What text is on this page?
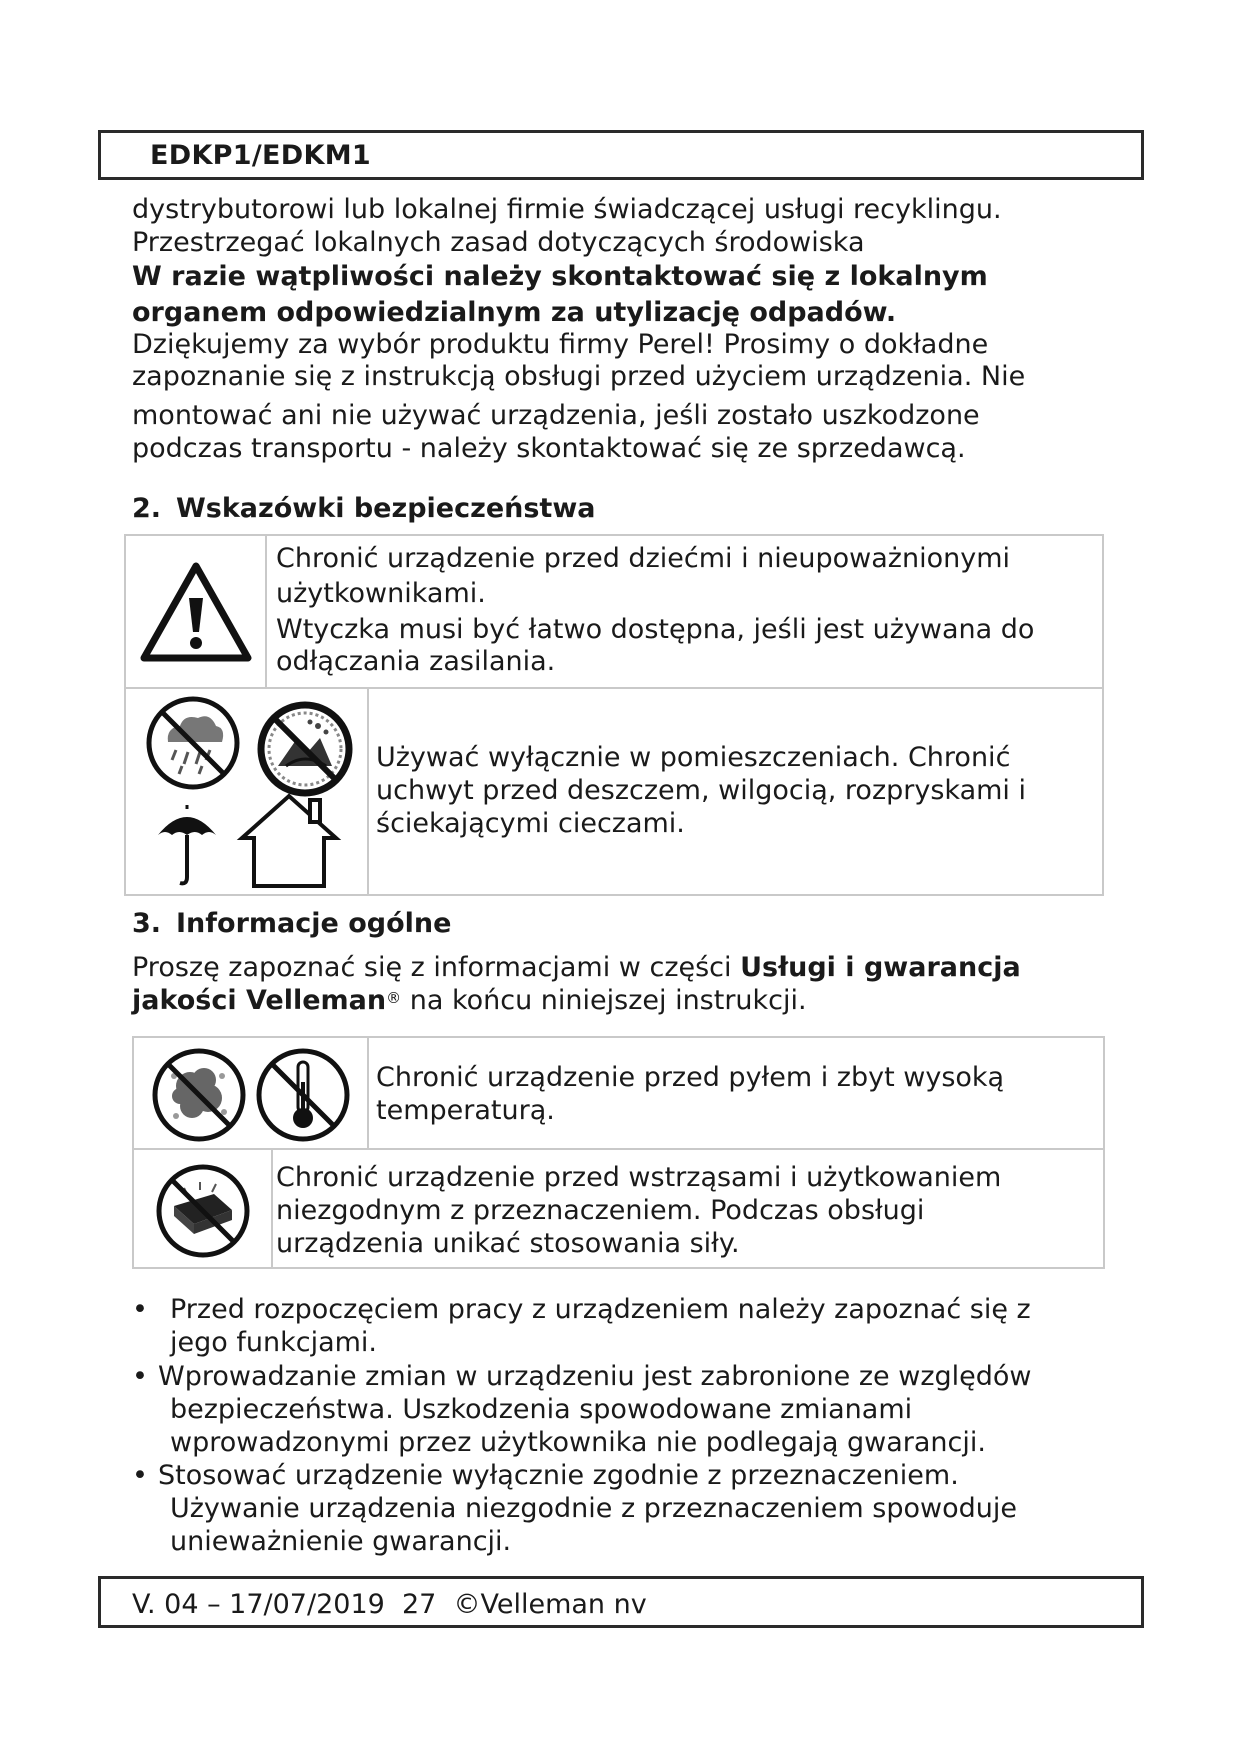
EDKP1/EDKM1
dystrybutorowi lub lokalnej firmie świadczącej usługi recyklingu.
Przestrzegać lokalnych zasad dotyczących środowiska
W razie wątpliwości należy skontaktować się z lokalnym
organem odpowiedzialnym za utylizację odpadów.
Dziękujemy za wybór produktu firmy Perel! Prosimy o dokładne
zapoznanie się z instrukcją obsługi przed użyciem urządzenia. Nie
montować ani nie używać urządzenia, jeśli zostało uszkodzone
podczas transportu - należy skontaktować się ze sprzedawcą.
2. Wskazówki bezpieczeństwa
Chronić urządzenie przed dziećmi i nieupoważnionymi
użytkownikami.
Wtyczka musi być łatwo dostępna, jeśli jest używana do
odłączania zasilania.
Używać wyłącznie w pomieszczeniach. Chronić
uchwyt przed deszczem, wilgocią, rozpryskami i
ściekającymi cieczami.
3. Informacje ogólne
Proszę zapoznać się z informacjami w części Usługi i gwarancja
jakości Velleman® na końcu niniejszej instrukcji.
Chronić urządzenie przed pyłem i zbyt wysoką
temperaturą.
Chronić urządzenie przed wstrząsami i użytkowaniem
niezgodnym z przeznaczeniem. Podczas obsługi
urządzenia unikać stosowania siły.
• Przed rozpoczęciem pracy z urządzeniem należy zapoznać się z
jego funkcjami.
• Wprowadzanie zmian w urządzeniu jest zabronione ze względów
bezpieczeństwa. Uszkodzenia spowodowane zmianami
wprowadzonymi przez użytkownika nie podlegają gwarancji.
• Stosować urządzenie wyłącznie zgodnie z przeznaczeniem.
Używanie urządzenia niezgodnie z przeznaczeniem spowoduje
unieważnienie gwarancji.
V. 04 – 17/07/2019  27  ©Velleman nv
